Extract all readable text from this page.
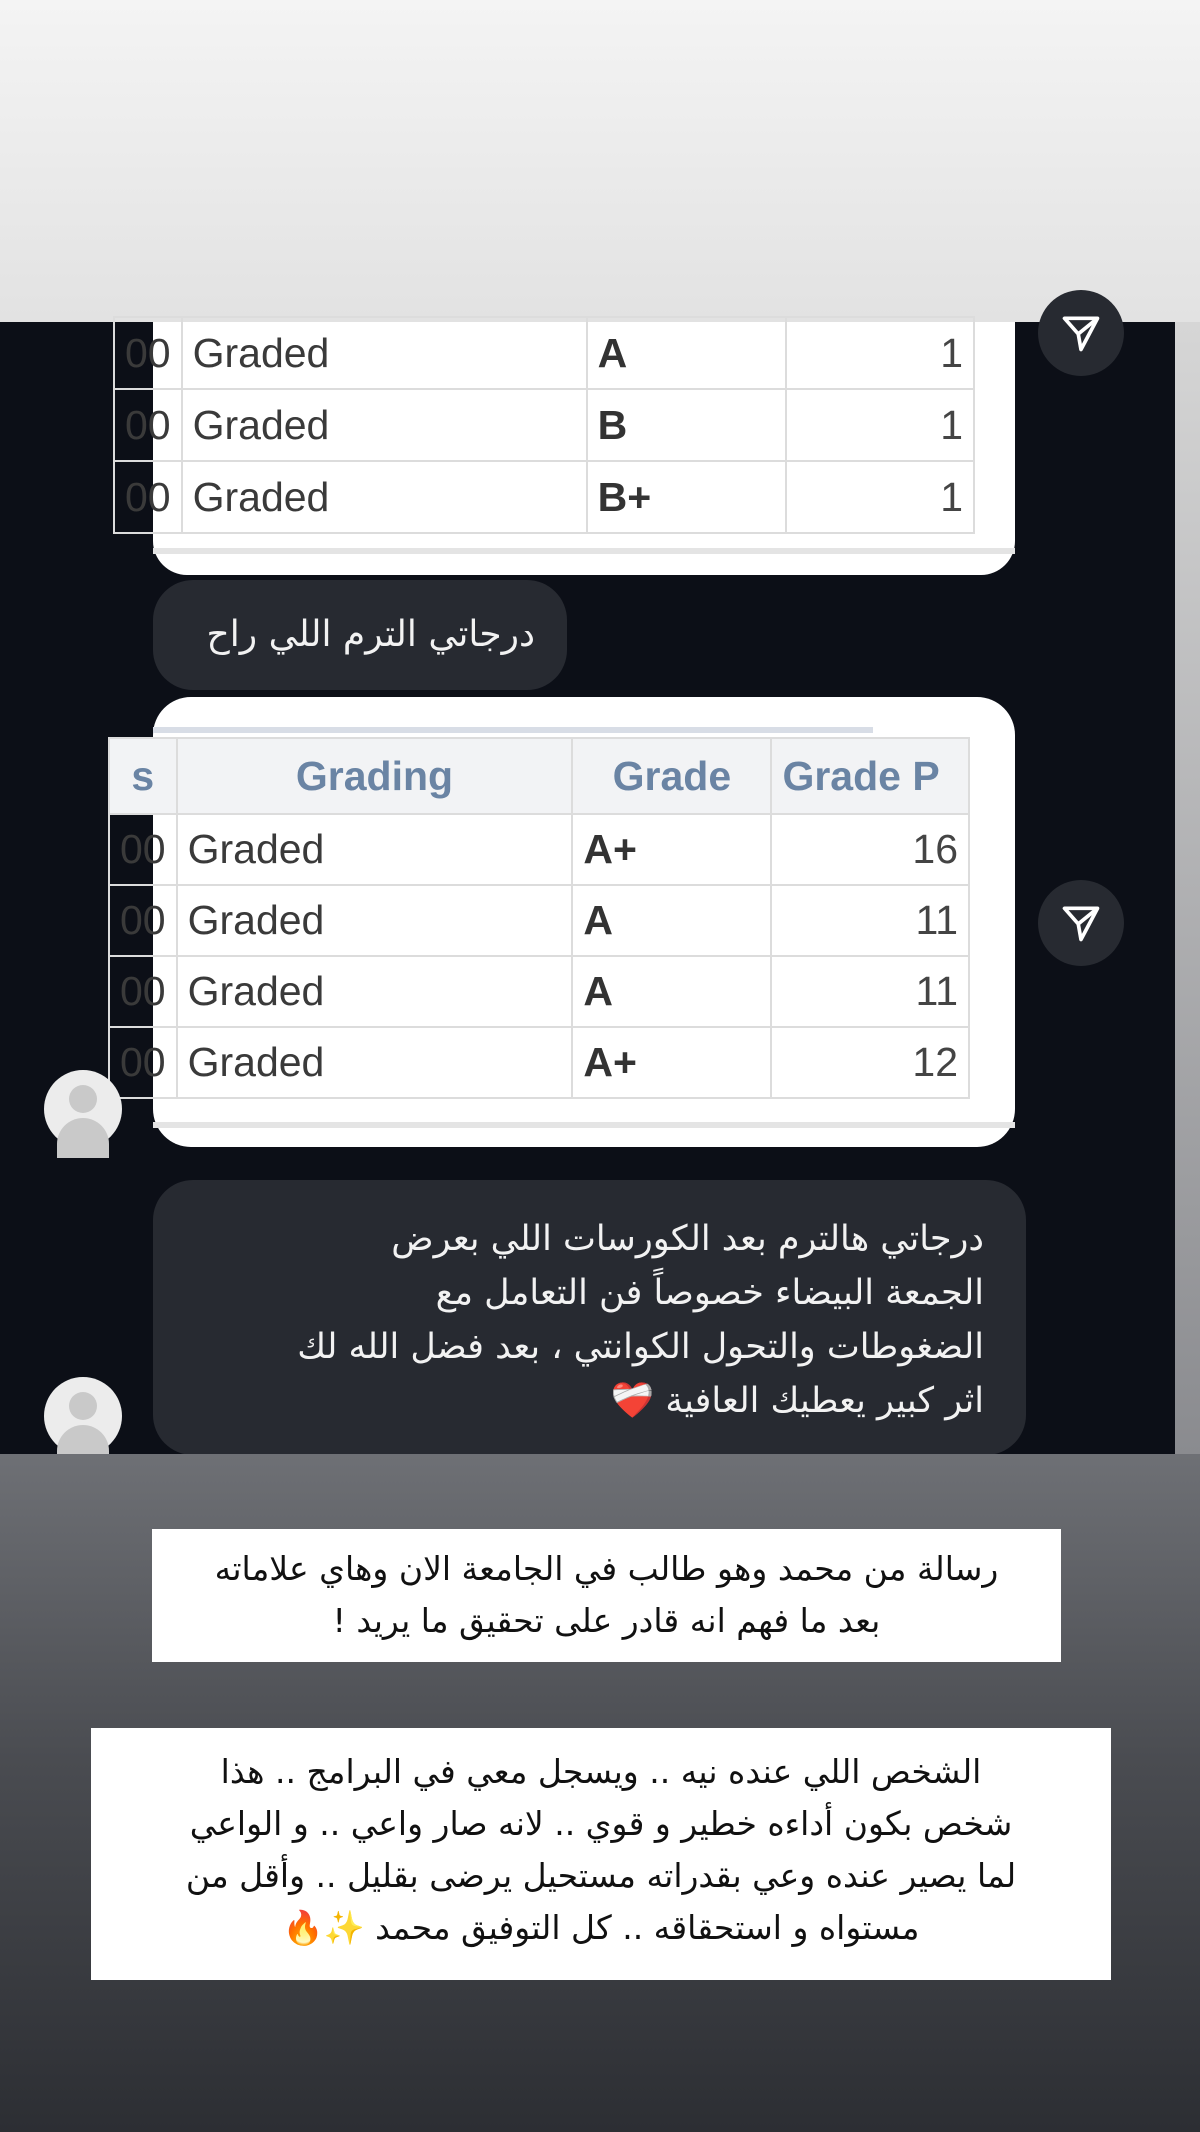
00	Graded	A	1
00	Graded	B	1
00	Graded	B+	1
درجاتي الترم اللي راح
s	Grading	Grade	Grade P
00	Graded	A+	16
00	Graded	A	11
00	Graded	A	11
00	Graded	A+	12
درجاتي هالترم بعد الكورسات اللي بعرض
الجمعة البيضاء خصوصاً فن التعامل مع
الضغوطات والتحول الكوانتي ، بعد فضل الله لك
اثر كبير يعطيك العافية ❤️‍🩹
رسالة من محمد وهو طالب في الجامعة الان وهاي علاماته
بعد ما فهم انه قادر على تحقيق ما يريد !
الشخص اللي عنده نيه .. ويسجل معي في البرامج .. هذا
شخص بكون أداءه خطير و قوي .. لانه صار واعي .. و الواعي
لما يصير عنده وعي بقدراته مستحيل يرضى بقليل .. وأقل من
مستواه و استحقاقه .. كل التوفيق محمد ✨🔥
